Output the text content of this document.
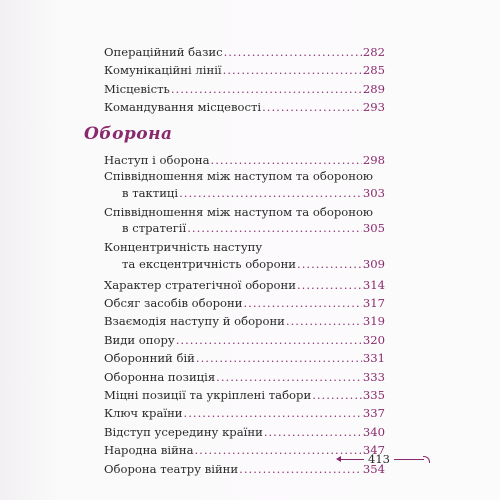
Операційний базис .....	282
Комунікаційні лінії .....	285
Місцевість .....	289
Командування місцевості .....	293
Оборона
Наступ і оборона .....	298
Співвідношення між наступом та обороною
в тактиці .....	303
Співвідношення між наступом та обороною
в стратегії .....	305
Концентричність наступу
та ексцентричність оборони .....	309
Характер стратегічної оборони .....	314
Обсяг засобів оборони .....	317
Взаємодія наступу й оборони .....	319
Види опору .....	320
Оборонний бій .....	331
Оборонна позиція .....	333
Міцні позиції та укріплені табори .....	335
Ключ країни .....	337
Відступ усередину країни .....	340
Народна війна .....	347
Оборона театру війни .....	354
413
